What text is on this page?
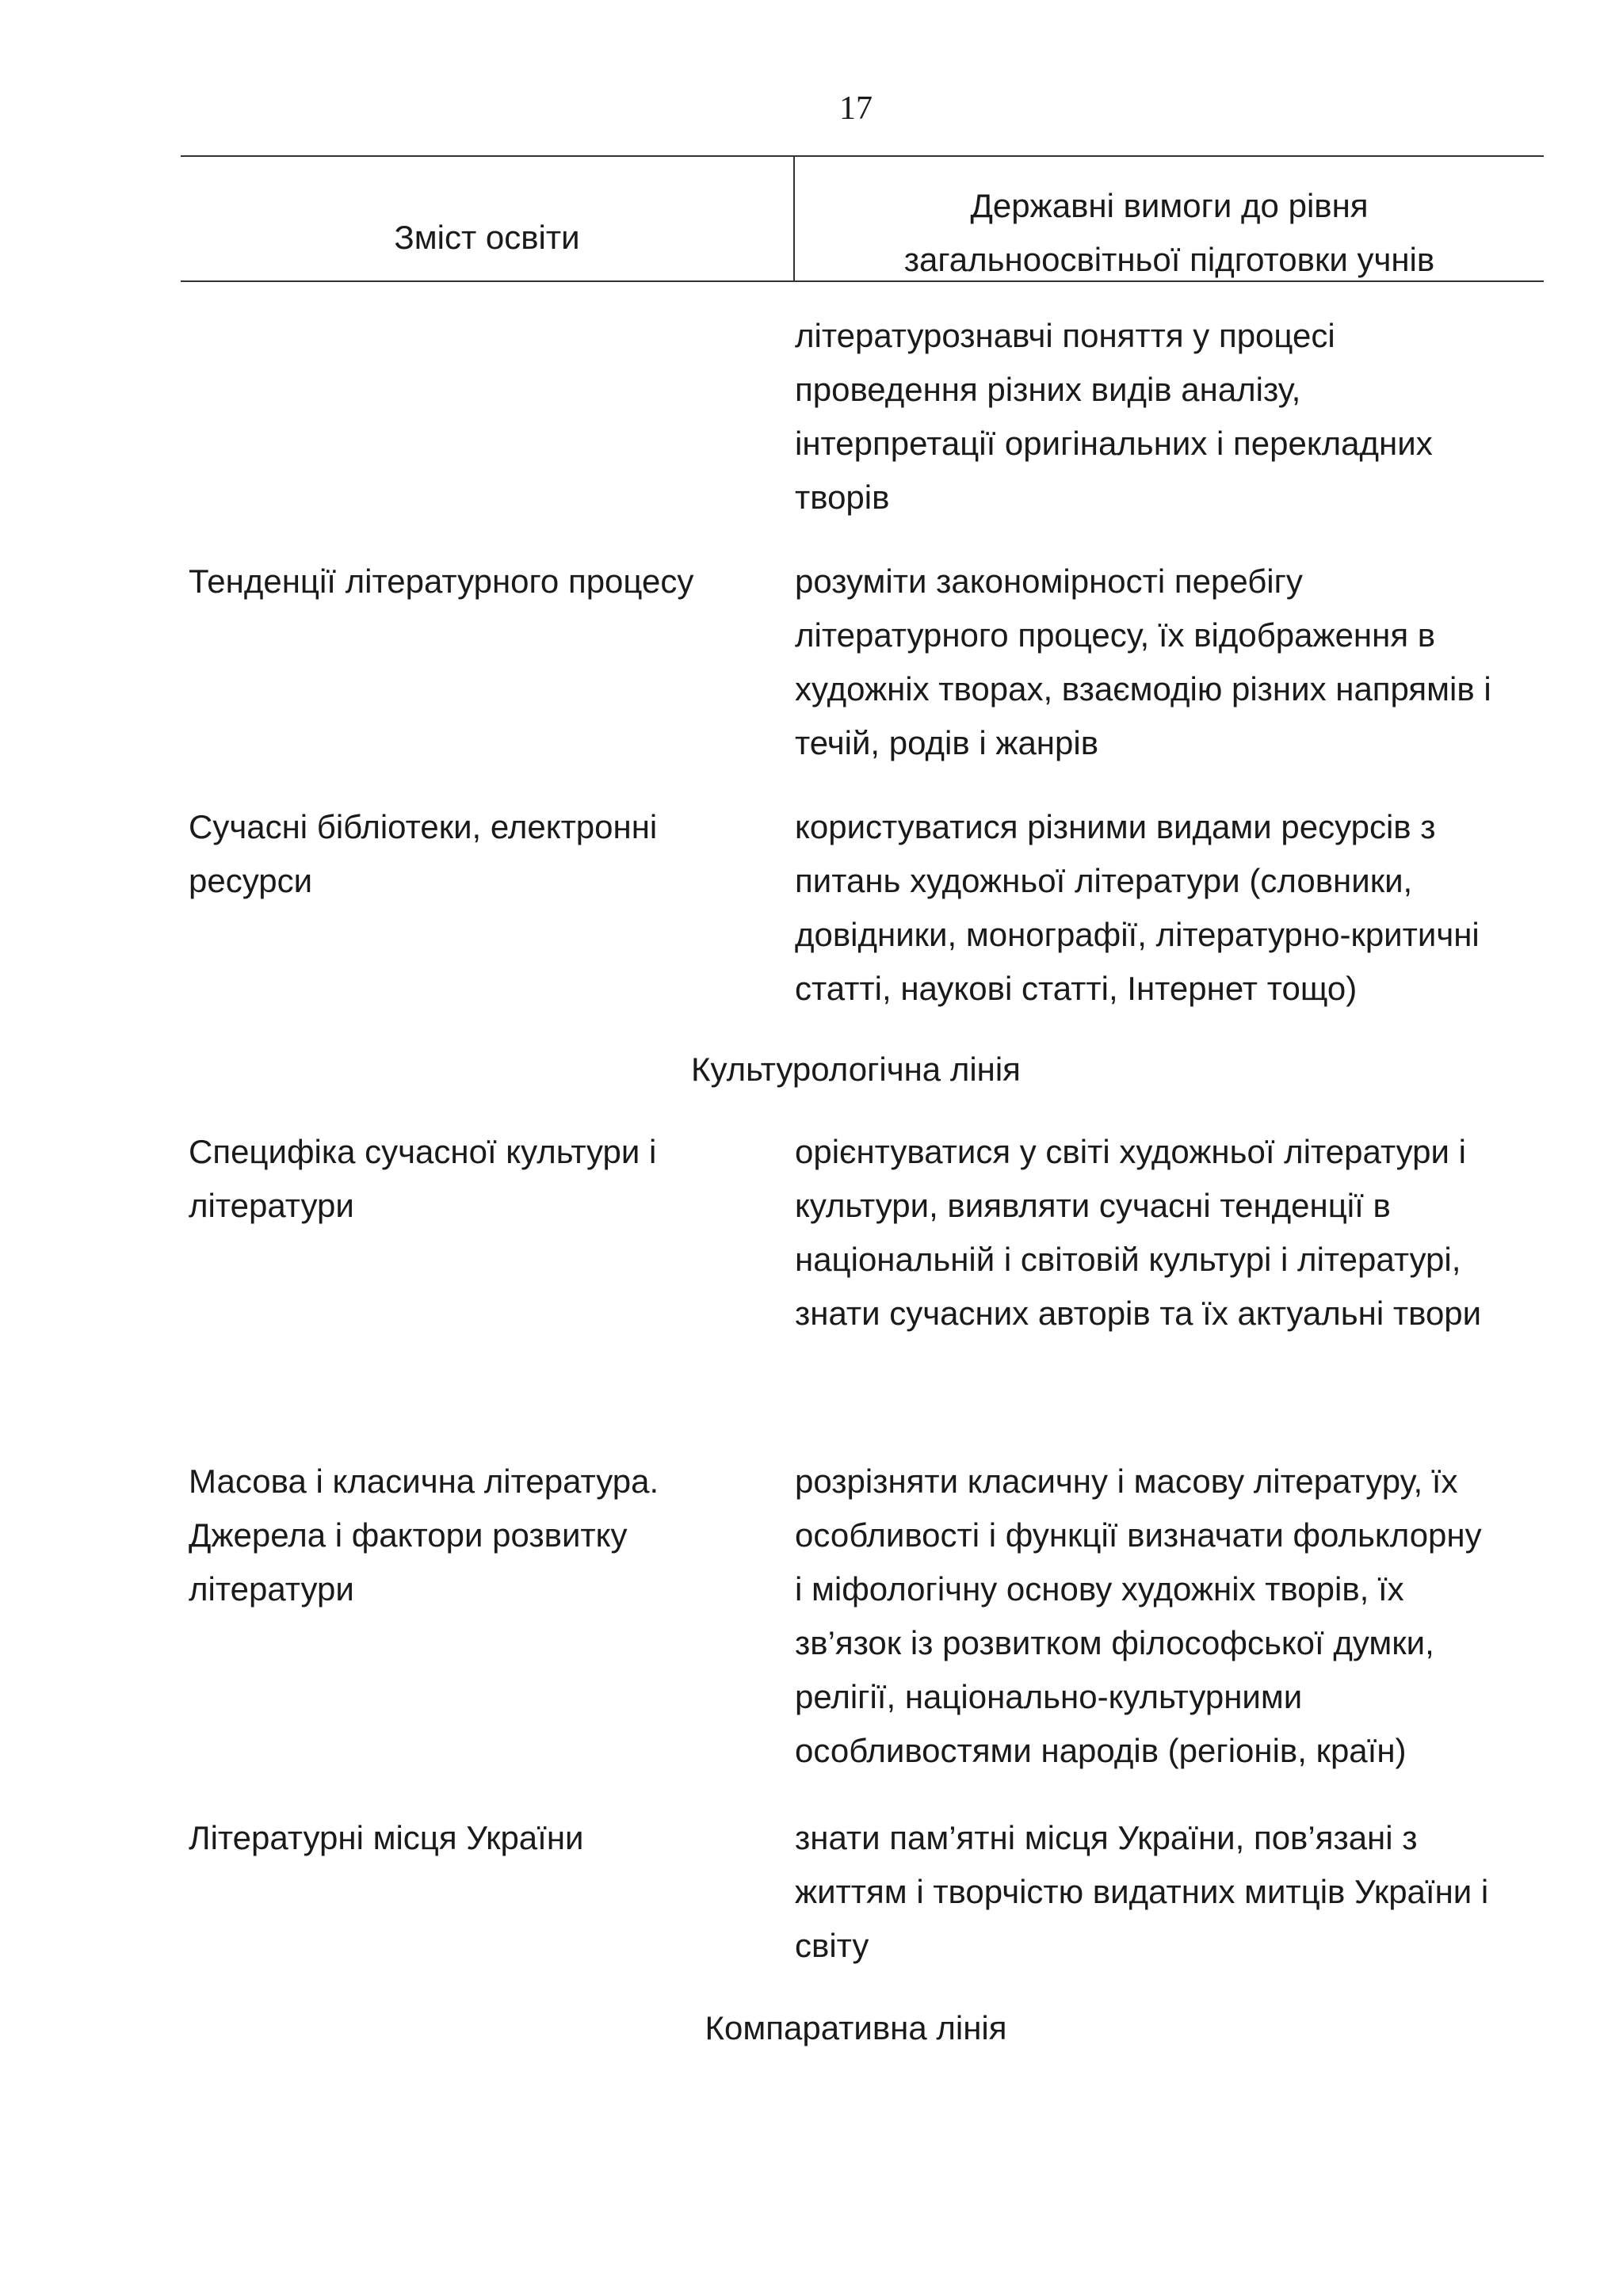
17
Зміст освіти
Державні вимоги до рівня
загальноосвітньої підготовки учнів
літературознавчі поняття у процесі
проведення різних видів аналізу,
інтерпретації оригінальних і перекладних
творів
Тенденції літературного процесу	розуміти закономірності перебігу
літературного процесу, їх відображення в
художніх творах, взаємодію різних напрямів і
течій, родів і жанрів
Сучасні бібліотеки, електронні
ресурси
користуватися різними видами ресурсів з
питань художньої літератури (словники,
довідники, монографії, літературно-критичні
статті, наукові статті, Інтернет тощо)
Культурологічна лінія
Специфіка сучасної культури і
літератури
орієнтуватися у світі художньої літератури і
культури, виявляти сучасні тенденції в
національній і світовій культурі і літературі,
знати сучасних авторів та їх актуальні твори
Масова і класична література.
Джерела і фактори розвитку
літератури
розрізняти класичну і масову літературу, їх
особливості і функції визначати фольклорну
і міфологічну основу художніх творів, їх
зв’язок із розвитком філософської думки,
релігії, національно-культурними
особливостями народів (регіонів, країн)
Літературні місця України	знати пам’ятні місця України, пов’язані з
життям і творчістю видатних митців України і
світу
Компаративна лінія
